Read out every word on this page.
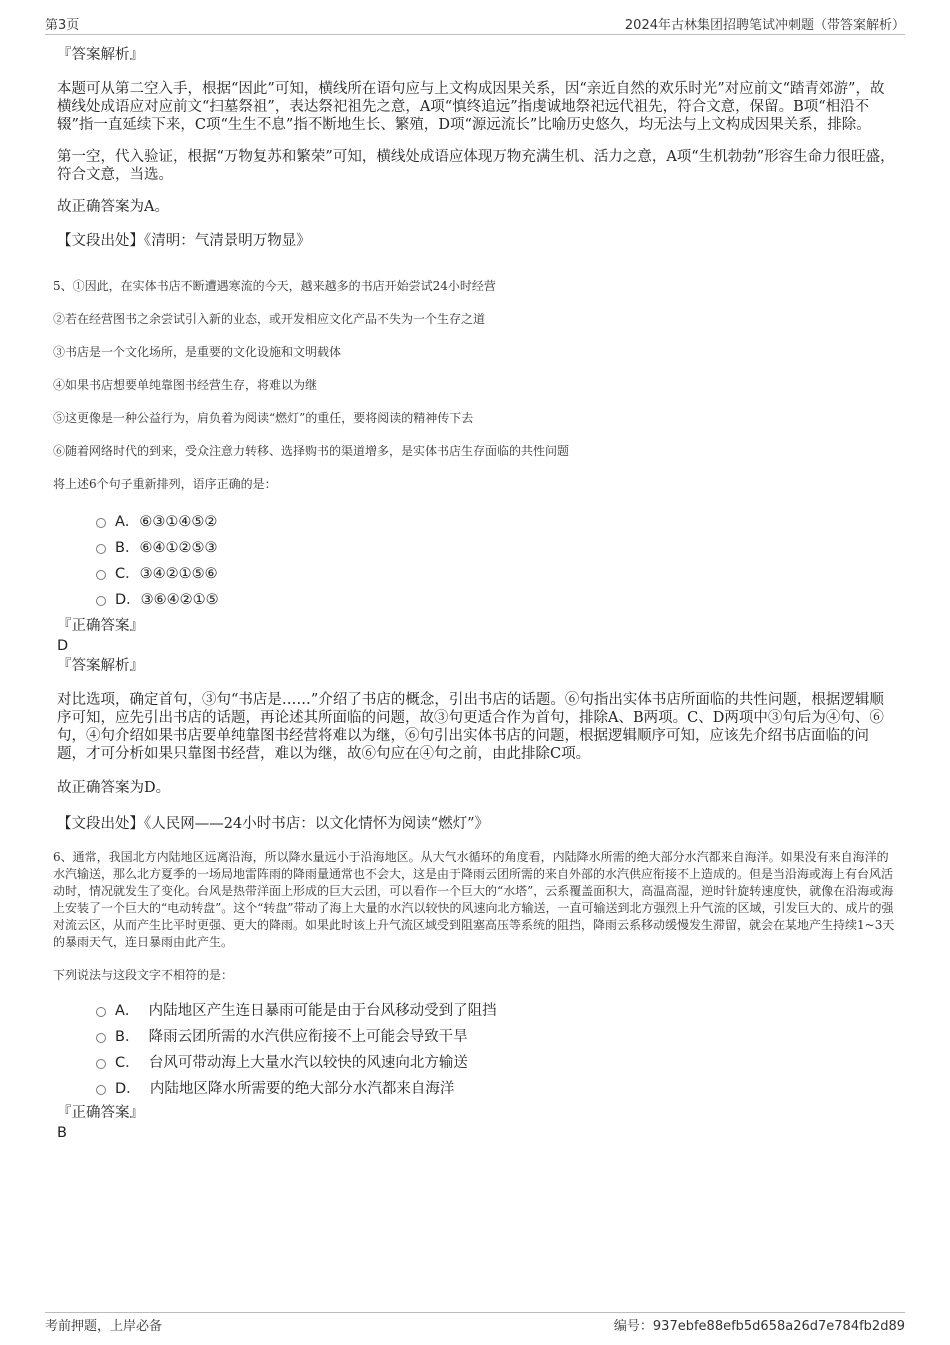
第3页	2024年古林集团招聘笔试冲刺题（带答案解析）

『答案解析』

本题可从第二空入手，根据“因此”可知，横线所在语句应与上文构成因果关系，因“亲近自然的欢乐时光”对应前文“踏青郊游”，故横线处成语应对应前文“扫墓祭祖”，表达祭祀祖先之意，A项“慎终追远”指虔诚地祭祀远代祖先，符合文意，保留。B项“相沿不辍”指一直延续下来，C项“生生不息”指不断地生长、繁殖，D项“源远流长”比喻历史悠久，均无法与上文构成因果关系，排除。

第一空，代入验证，根据“万物复苏和繁荣”可知，横线处成语应体现万物充满生机、活力之意，A项“生机勃勃”形容生命力很旺盛，符合文意，当选。

故正确答案为A。

【文段出处】《清明：气清景明万物显》

5、①因此，在实体书店不断遭遇寒流的今天，越来越多的书店开始尝试24小时经营

②若在经营图书之余尝试引入新的业态，或开发相应文化产品不失为一个生存之道

③书店是一个文化场所，是重要的文化设施和文明载体

④如果书店想要单纯靠图书经营生存，将难以为继

⑤这更像是一种公益行为，肩负着为阅读“燃灯”的重任，要将阅读的精神传下去

⑥随着网络时代的到来，受众注意力转移、选择购书的渠道增多，是实体书店生存面临的共性问题

将上述6个句子重新排列，语序正确的是：

A．⑥③①④⑤②
B．⑥④①②⑤③
C．③④②①⑤⑥
D．③⑥④②①⑤

『正确答案』

D

『答案解析』

对比选项，确定首句，③句“书店是……”介绍了书店的概念，引出书店的话题。⑥句指出实体书店所面临的共性问题，根据逻辑顺序可知，应先引出书店的话题，再论述其所面临的问题，故③句更适合作为首句，排除A、B两项。C、D两项中③句后为④句、⑥句，④句介绍如果书店要单纯靠图书经营将难以为继，⑥句引出实体书店的问题，根据逻辑顺序可知，应该先介绍书店面临的问题，才可分析如果只靠图书经营，难以为继，故⑥句应在④句之前，由此排除C项。

故正确答案为D。

【文段出处】《人民网——24小时书店：以文化情怀为阅读“燃灯”》

6、通常，我国北方内陆地区远离沿海，所以降水量远小于沿海地区。从大气水循环的角度看，内陆降水所需的绝大部分水汽都来自海洋。如果没有来自海洋的水汽输送，那么北方夏季的一场局地雷阵雨的降雨量通常也不会大，这是由于降雨云团所需的来自外部的水汽供应衔接不上造成的。但是当沿海或海上有台风活动时，情况就发生了变化。台风是热带洋面上形成的巨大云团，可以看作一个巨大的“水塔”，云系覆盖面积大，高温高湿，逆时针旋转速度快，就像在沿海或海上安装了一个巨大的“电动转盘”。这个“转盘”带动了海上大量的水汽以较快的风速向北方输送，一直可输送到北方强烈上升气流的区域，引发巨大的、成片的强对流云区，从而产生比平时更强、更大的降雨。如果此时该上升气流区域受到阻塞高压等系统的阻挡，降雨云系移动缓慢发生滞留，就会在某地产生持续1~3天的暴雨天气，连日暴雨由此产生。

下列说法与这段文字不相符的是：

A． 内陆地区产生连日暴雨可能是由于台风移动受到了阻挡
B． 降雨云团所需的水汽供应衔接不上可能会导致干旱
C． 台风可带动海上大量水汽以较快的风速向北方输送
D． 内陆地区降水所需要的绝大部分水汽都来自海洋

『正确答案』

B

考前押题，上岸必备	编号：937ebfe88efb5d658a26d7e784fb2d89
